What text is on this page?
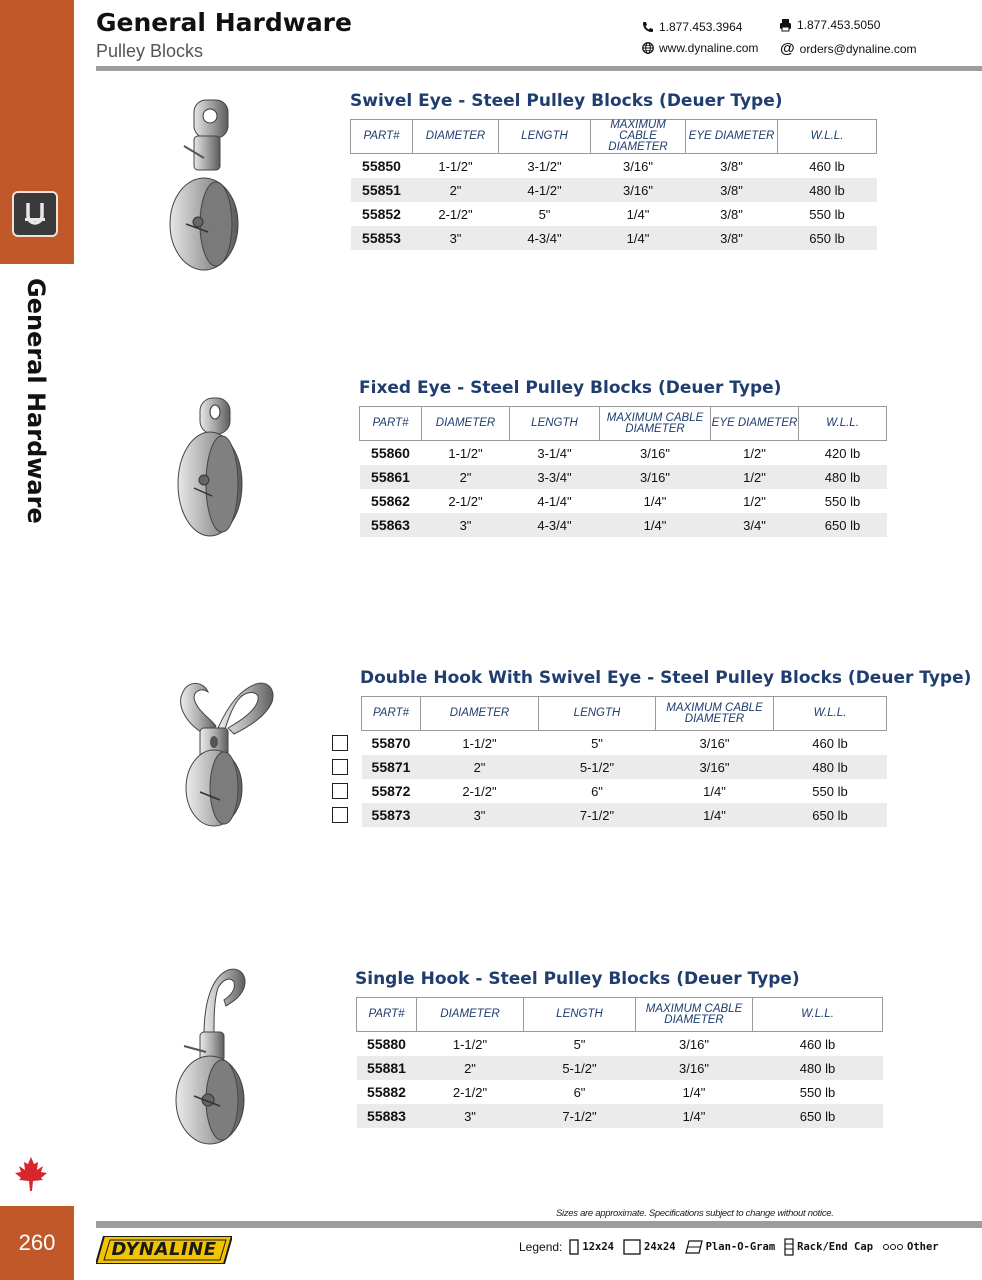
General Hardware
260
General Hardware
Pulley Blocks
1.877.453.3964	1.877.453.5050
www.dynaline.com @ orders@dynaline.com
Swivel Eye - Steel Pulley Blocks (Deuer Type)
PART#	DIAMETER	LENGTH	MAXIMUM CABLE DIAMETER	EYE DIAMETER	W.L.L.
55850	1-1/2"	3-1/2"	3/16"	3/8"	460 lb
55851	2"	4-1/2"	3/16"	3/8"	480 lb
55852	2-1/2"	5"	1/4"	3/8"	550 lb
55853	3"	4-3/4"	1/4"	3/8"	650 lb
Fixed Eye - Steel Pulley Blocks (Deuer Type)
PART#	DIAMETER	LENGTH	MAXIMUM CABLE DIAMETER	EYE DIAMETER	W.L.L.
55860	1-1/2"	3-1/4"	3/16"	1/2"	420 lb
55861	2"	3-3/4"	3/16"	1/2"	480 lb
55862	2-1/2"	4-1/4"	1/4"	1/2"	550 lb
55863	3"	4-3/4"	1/4"	3/4"	650 lb
Double Hook With Swivel Eye - Steel Pulley Blocks (Deuer Type)
PART#	DIAMETER	LENGTH	MAXIMUM CABLE DIAMETER	W.L.L.
55870	1-1/2"	5"	3/16"	460 lb
55871	2"	5-1/2"	3/16"	480 lb
55872	2-1/2"	6"	1/4"	550 lb
55873	3"	7-1/2"	1/4"	650 lb
Single Hook - Steel Pulley Blocks (Deuer Type)
PART#	DIAMETER	LENGTH	MAXIMUM CABLE DIAMETER	W.L.L.
55880	1-1/2"	5"	3/16"	460 lb
55881	2"	5-1/2"	3/16"	480 lb
55882	2-1/2"	6"	1/4"	550 lb
55883	3"	7-1/2"	1/4"	650 lb
Sizes are approximate. Specifications subject to change without notice.
DYNALINE	Legend: 12x24	24x24	Plan-O-Gram Rack/End Cap	Other
